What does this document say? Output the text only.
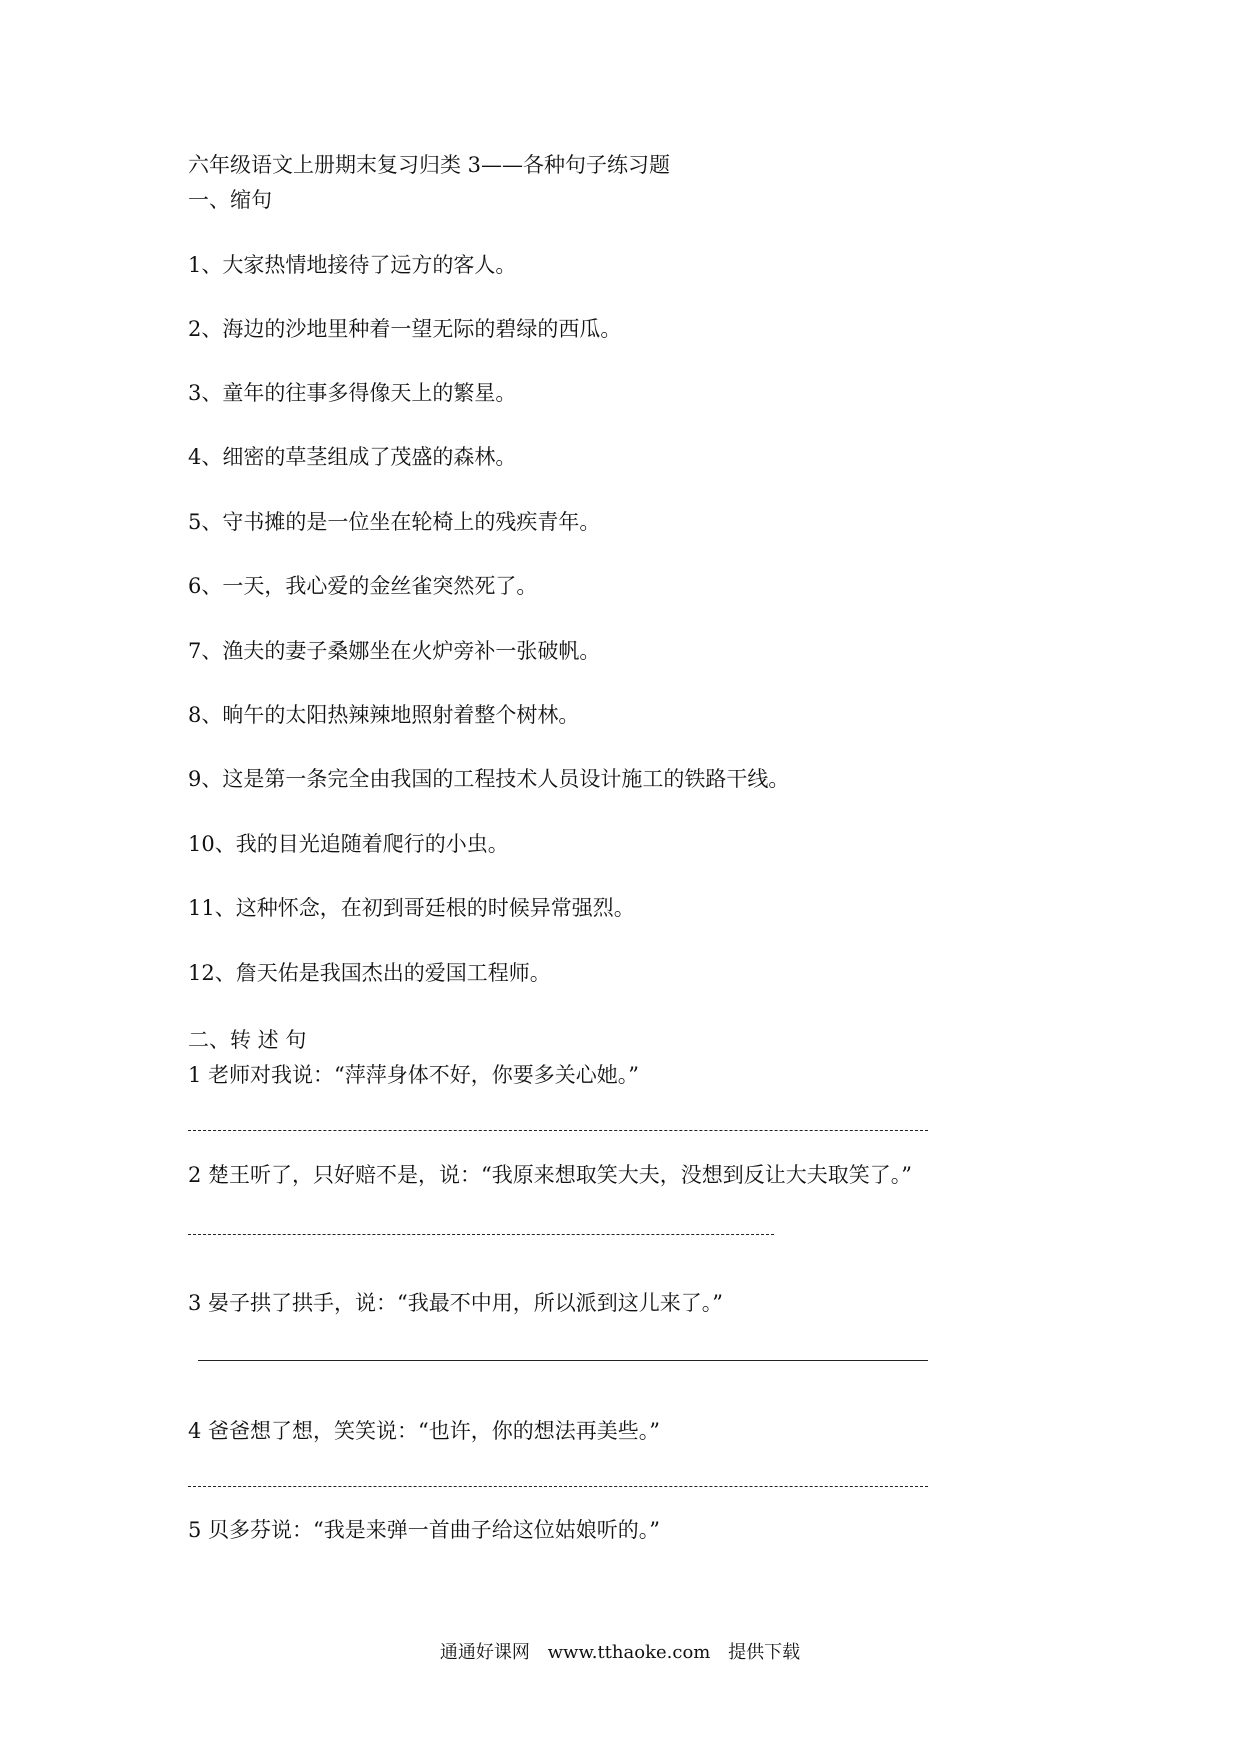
六年级语文上册期末复习归类 3——各种句子练习题
一、缩句
1、大家热情地接待了远方的客人。
2、海边的沙地里种着一望无际的碧绿的西瓜。
3、童年的往事多得像天上的繁星。
4、细密的草茎组成了茂盛的森林。
5、守书摊的是一位坐在轮椅上的残疾青年。
6、一天，我心爱的金丝雀突然死了。
7、渔夫的妻子桑娜坐在火炉旁补一张破帆。
8、晌午的太阳热辣辣地照射着整个树林。
9、这是第一条完全由我国的工程技术人员设计施工的铁路干线。
10、我的目光追随着爬行的小虫。
11、这种怀念，在初到哥廷根的时候异常强烈。
12、詹天佑是我国杰出的爱国工程师。
二、转 述 句
1 老师对我说：“萍萍身体不好，你要多关心她。”
2 楚王听了，只好赔不是，说：“我原来想取笑大夫，没想到反让大夫取笑了。”
3 晏子拱了拱手，说：“我最不中用，所以派到这儿来了。”
4 爸爸想了想，笑笑说：“也许，你的想法再美些。”
5 贝多芬说：“我是来弹一首曲子给这位姑娘听的。”
通通好课网 www.tthaoke.com 提供下载
